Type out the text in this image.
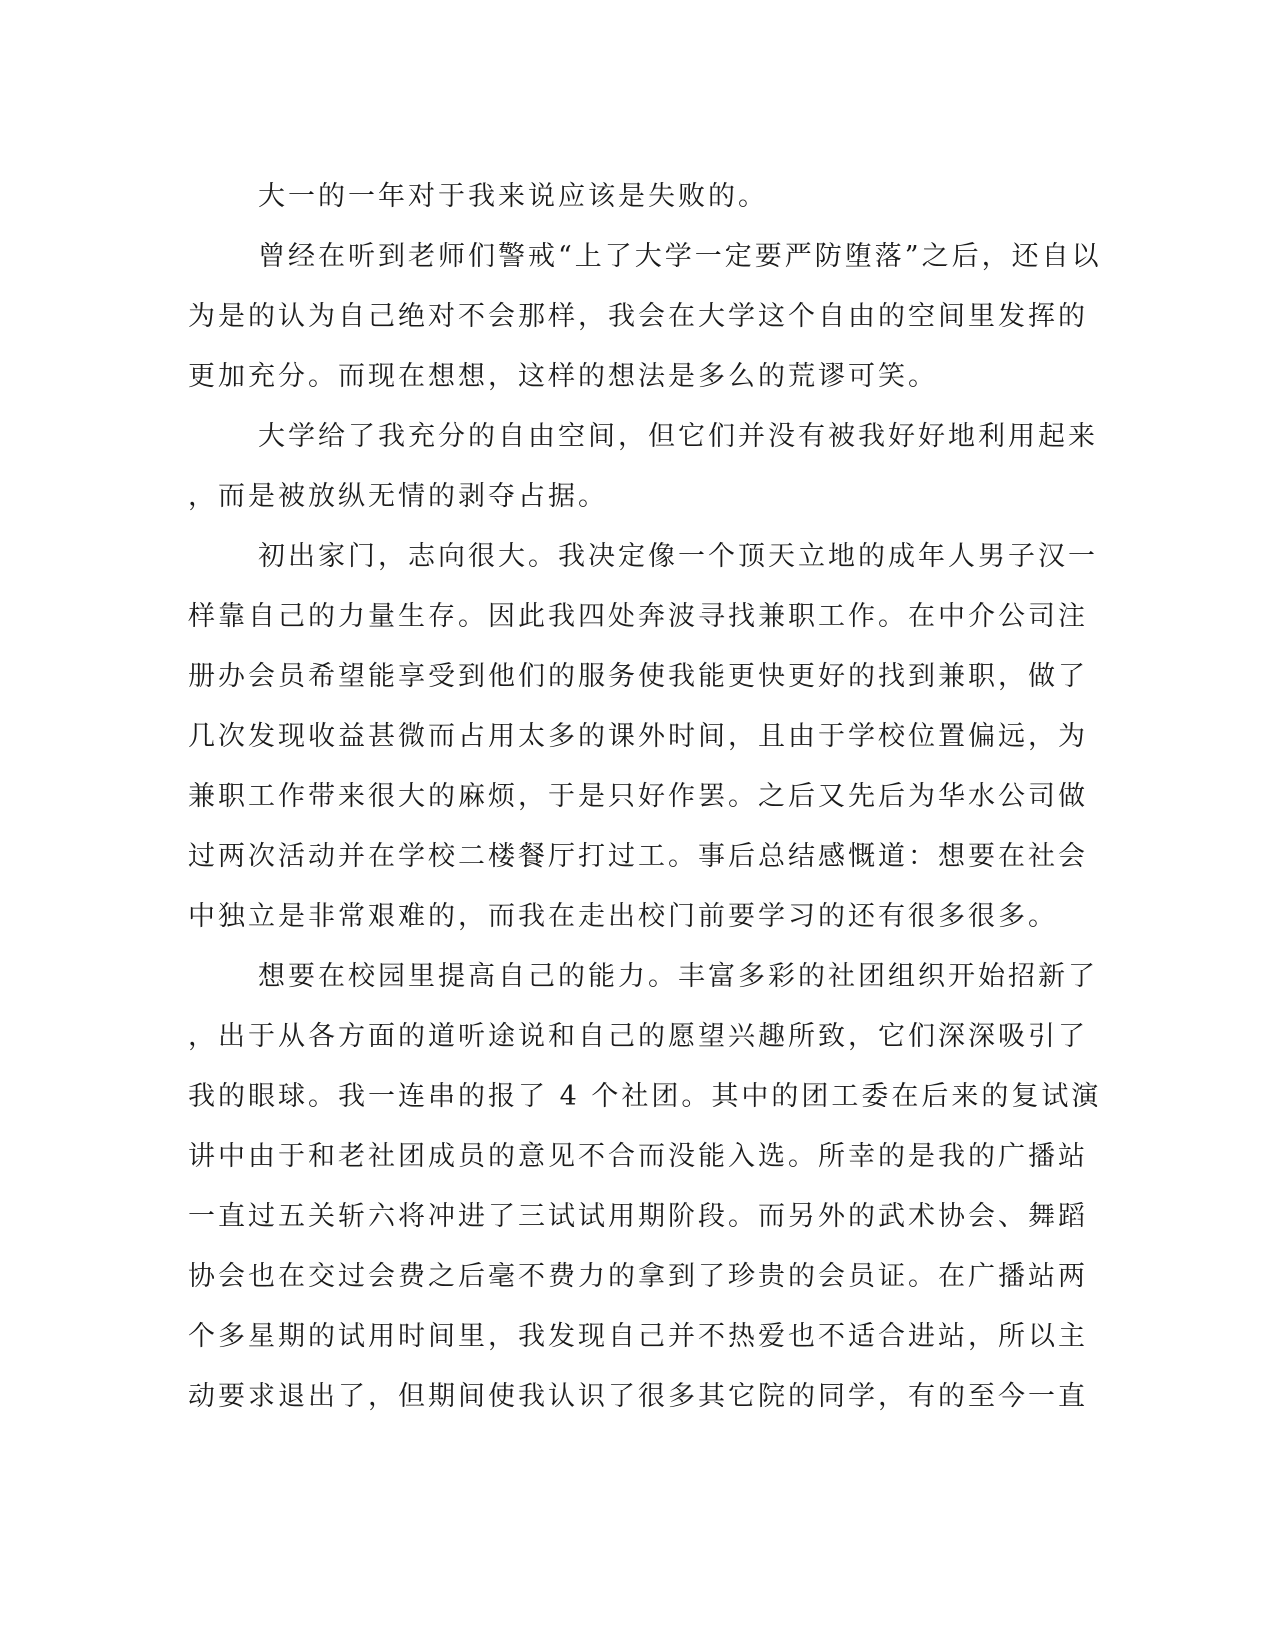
大一的一年对于我来说应该是失败的。
曾经在听到老师们警戒“上了大学一定要严防堕落”之后，还自以
为是的认为自己绝对不会那样，我会在大学这个自由的空间里发挥的
更加充分。而现在想想，这样的想法是多么的荒谬可笑。
大学给了我充分的自由空间，但它们并没有被我好好地利用起来
，而是被放纵无情的剥夺占据。
初出家门，志向很大。我决定像一个顶天立地的成年人男子汉一
样靠自己的力量生存。因此我四处奔波寻找兼职工作。在中介公司注
册办会员希望能享受到他们的服务使我能更快更好的找到兼职，做了
几次发现收益甚微而占用太多的课外时间，且由于学校位置偏远，为
兼职工作带来很大的麻烦，于是只好作罢。之后又先后为华水公司做
过两次活动并在学校二楼餐厅打过工。事后总结感慨道：想要在社会
中独立是非常艰难的，而我在走出校门前要学习的还有很多很多。
想要在校园里提高自己的能力。丰富多彩的社团组织开始招新了
，出于从各方面的道听途说和自己的愿望兴趣所致，它们深深吸引了
我的眼球。我一连串的报了 4 个社团。其中的团工委在后来的复试演
讲中由于和老社团成员的意见不合而没能入选。所幸的是我的广播站
一直过五关斩六将冲进了三试试用期阶段。而另外的武术协会、舞蹈
协会也在交过会费之后毫不费力的拿到了珍贵的会员证。在广播站两
个多星期的试用时间里，我发现自己并不热爱也不适合进站，所以主
动要求退出了，但期间使我认识了很多其它院的同学，有的至今一直
